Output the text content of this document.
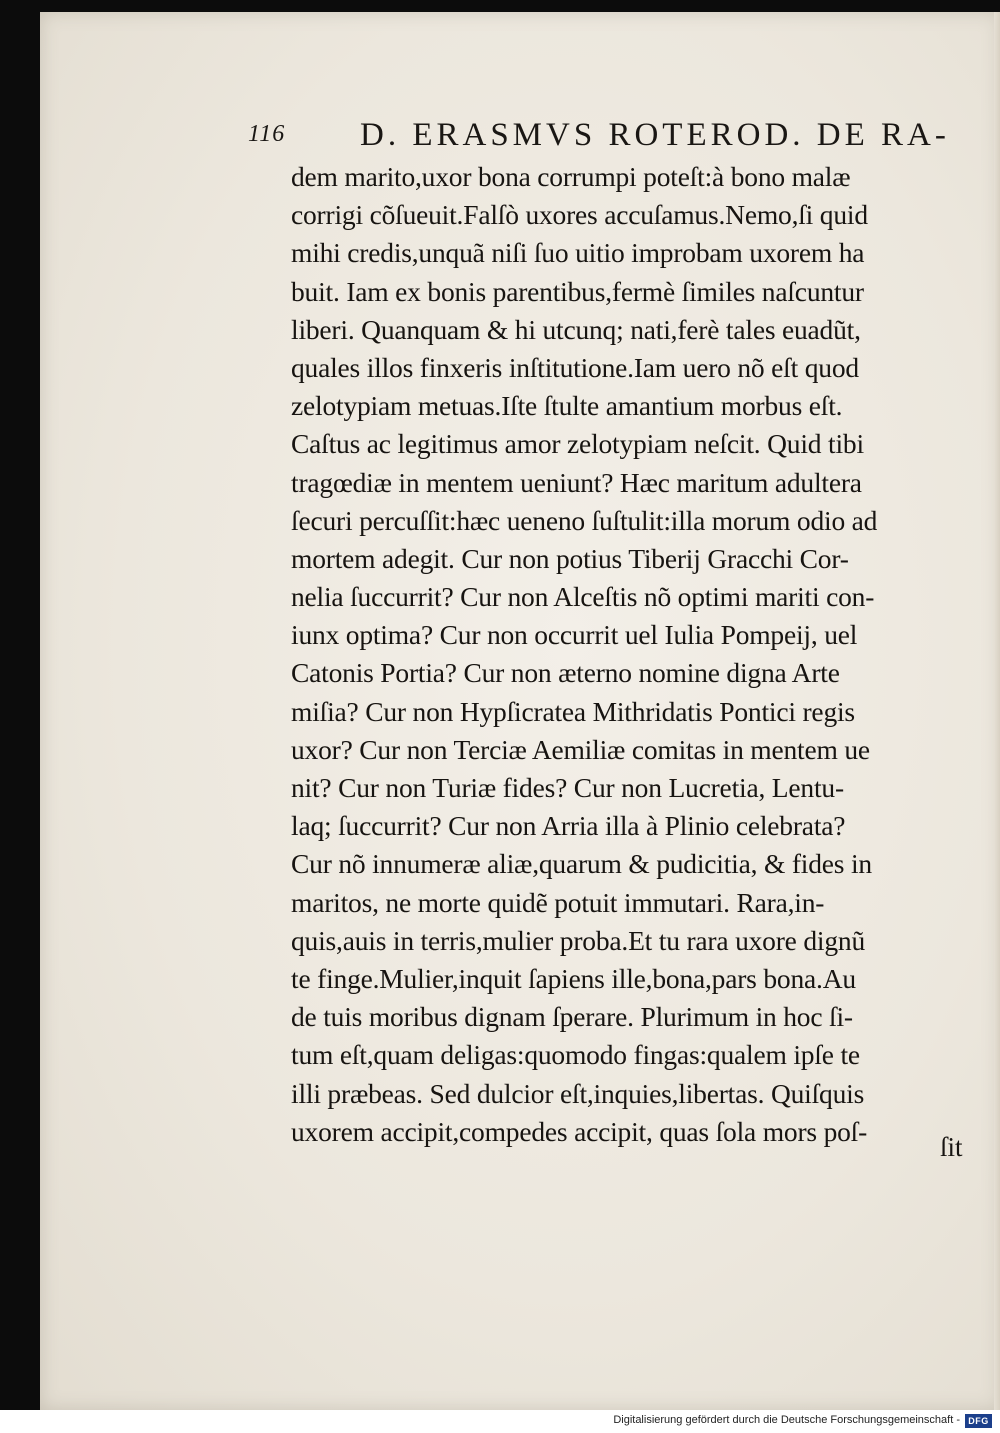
116 D. ERASMVS ROTEROD. DE RA-
dem marito,uxor bona corrumpi poteſt:à bono malæ
corrigi cõſueuit.Falſò uxores accuſamus.Nemo,ſi quid
mihi credis,unquã niſi ſuo uitio improbam uxorem ha
buit. Iam ex bonis parentibus,fermè ſimiles naſcuntur
liberi. Quanquam & hi utcunq; nati,ferè tales euadũt,
quales illos finxeris inſtitutione.Iam uero nõ eſt quod
zelotypiam metuas.Iſte ſtulte amantium morbus eſt.
Caſtus ac legitimus amor zelotypiam neſcit. Quid tibi
tragœdiæ in mentem ueniunt? Hæc maritum adultera
ſecuri percuſſit:hæc ueneno ſuſtulit:illa morum odio ad
mortem adegit. Cur non potius Tiberij Gracchi Cor-
nelia ſuccurrit? Cur non Alceſtis nõ optimi mariti con-
iunx optima? Cur non occurrit uel Iulia Pompeij, uel
Catonis Portia? Cur non æterno nomine digna Arte
miſia? Cur non Hypſicratea Mithridatis Pontici regis
uxor? Cur non Terciæ Aemiliæ comitas in mentem ue
nit? Cur non Turiæ fides? Cur non Lucretia, Lentu-
laq; ſuccurrit? Cur non Arria illa à Plinio celebrata?
Cur nõ innumeræ aliæ,quarum & pudicitia, & fides in
maritos, ne morte quidẽ potuit immutari. Rara,in-
quis,auis in terris,mulier proba.Et tu rara uxore dignũ
te finge.Mulier,inquit ſapiens ille,bona,pars bona.Au
de tuis moribus dignam ſperare. Plurimum in hoc ſi-
tum eſt,quam deligas:quomodo fingas:qualem ipſe te
illi præbeas. Sed dulcior eſt,inquies,libertas. Quiſquis
uxorem accipit,compedes accipit, quas ſola mors poſ-
ſit
Digitalisierung gefördert durch die Deutsche Forschungsgemeinschaft - DFG
